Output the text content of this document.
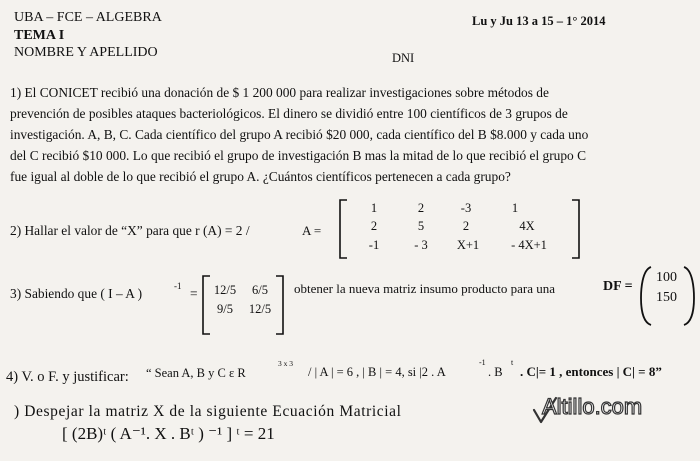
UBA – FCE – ALGEBRA	Lu y Ju 13 a 15 – 1° 2014
TEMA I
NOMBRE Y APELLIDO	DNI
1) El CONICET recibió una donación de $ 1 200 000 para realizar investigaciones sobre métodos de
prevención de posibles ataques bacteriológicos. El dinero se dividió entre 100 científicos de 3 grupos de
investigación. A, B, C. Cada científico del grupo A recibió $20 000, cada científico del B $8.000 y cada uno
del C recibió $10 000. Lo que recibió el grupo de investigación B mas la mitad de lo que recibió el grupo C
fue igual al doble de lo que recibió el grupo A. ¿Cuántos científicos pertenecen a cada grupo?
2) Hallar el valor de “X” para que r (A) = 2 /	A =
1	2	-3	1
2	5	2	4X
-1	- 3	X+1	- 4X+1
3) Sabiendo que ( I – A )	-1 =	12/5	6/5
9/5	12/5
obtener la nueva matriz insumo producto para una	DF =
100
150
4) V. o F. y justificar: “ Sean A, B y C ε R
3 x 3
/ | A | = 6 , | B | = 4, si |2 . A
-1
. B
t
. C|= 1 , entonces | C| = 8”
) Despejar la matriz X de la siguiente Ecuación Matricial
[ (2B)ᵗ ( A⁻¹. X . Bᵗ ) ⁻¹ ] ᵗ = 21
Altillo.com
